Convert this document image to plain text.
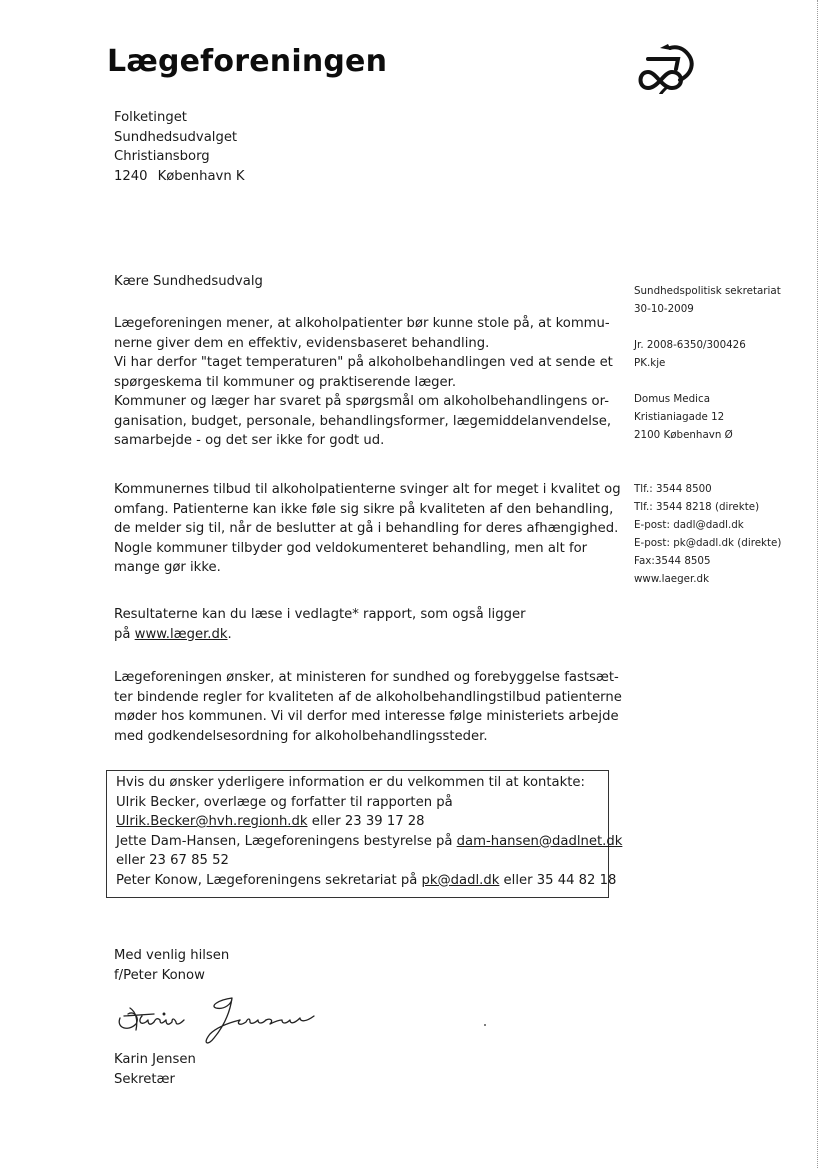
Lægeforeningen
Folketinget
Sundhedsudvalget
Christiansborg
1240 København K
Sundhedspolitisk sekretariat
30-10-2009
Jr. 2008-6350/300426
PK.kje
Domus Medica
Kristianiagade 12
2100 København Ø
Tlf.: 3544 8500
Tlf.: 3544 8218 (direkte)
E-post: dadl@dadl.dk
E-post: pk@dadl.dk (direkte)
Fax:3544 8505
www.laeger.dk
Kære Sundhedsudvalg
Lægeforeningen mener, at alkoholpatienter bør kunne stole på, at kommu-
nerne giver dem en effektiv, evidensbaseret behandling.
Vi har derfor "taget temperaturen" på alkoholbehandlingen ved at sende et
spørgeskema til kommuner og praktiserende læger.
Kommuner og læger har svaret på spørgsmål om alkoholbehandlingens or-
ganisation, budget, personale, behandlingsformer, lægemiddelanvendelse,
samarbejde - og det ser ikke for godt ud.
Kommunernes tilbud til alkoholpatienterne svinger alt for meget i kvalitet og
omfang. Patienterne kan ikke føle sig sikre på kvaliteten af den behandling,
de melder sig til, når de beslutter at gå i behandling for deres afhængighed.
Nogle kommuner tilbyder god veldokumenteret behandling, men alt for
mange gør ikke.
Resultaterne kan du læse i vedlagte* rapport, som også ligger
på www.læger.dk.
Lægeforeningen ønsker, at ministeren for sundhed og forebyggelse fastsæt-
ter bindende regler for kvaliteten af de alkoholbehandlingstilbud patienterne
møder hos kommunen. Vi vil derfor med interesse følge ministeriets arbejde
med godkendelsesordning for alkoholbehandlingssteder.
Hvis du ønsker yderligere information er du velkommen til at kontakte:
Ulrik Becker, overlæge og forfatter til rapporten på
Ulrik.Becker@hvh.regionh.dk eller 23 39 17 28
Jette Dam-Hansen, Lægeforeningens bestyrelse på dam-hansen@dadlnet.dk
eller 23 67 85 52
Peter Konow, Lægeforeningens sekretariat på pk@dadl.dk eller 35 44 82 18
Med venlig hilsen
f/Peter Konow
Karin Jensen
Sekretær
